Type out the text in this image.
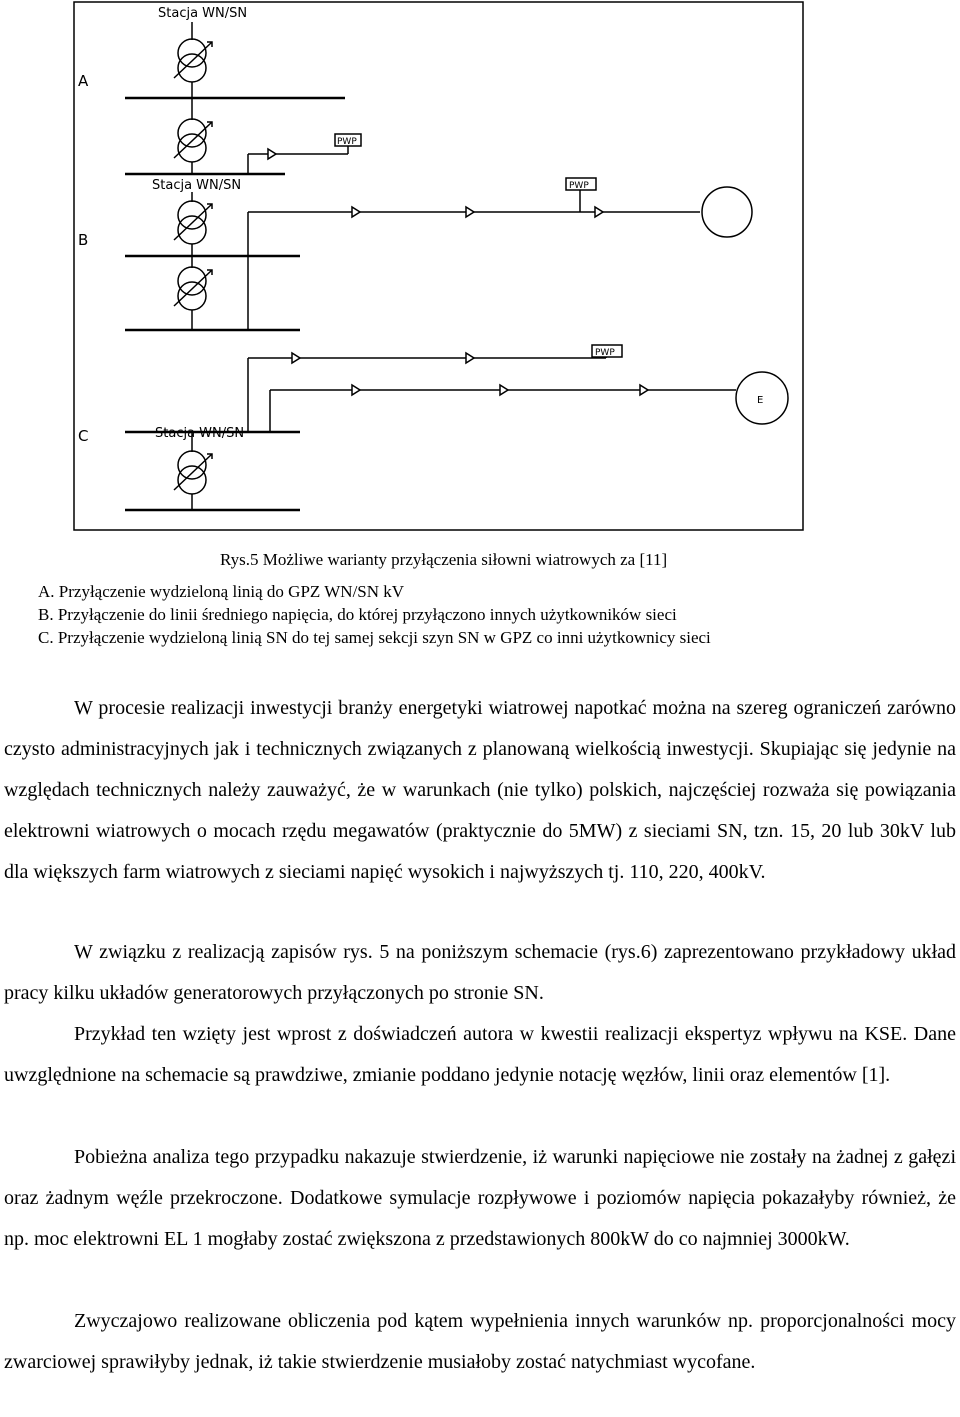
A
B
C
Stacja WN/SN
PWP
Stacja WN/SN	PWP
Stacja WN/SN
PWP
E
Rys.5 Możliwe warianty przyłączenia siłowni wiatrowych za [11]
A. Przyłączenie wydzieloną linią do GPZ WN/SN kV
B. Przyłączenie do linii średniego napięcia, do której przyłączono innych użytkowników sieci
C. Przyłączenie wydzieloną linią SN do tej samej sekcji szyn SN w GPZ co inni użytkownicy sieci
W procesie realizacji inwestycji branży energetyki wiatrowej napotkać można na szereg ograniczeń zarówno czysto administracyjnych jak i technicznych związanych z planowaną wielkością inwestycji. Skupiając się jedynie na względach technicznych należy zauważyć, że w warunkach (nie tylko) polskich, najczęściej rozważa się powiązania elektrowni wiatrowych o mocach rzędu megawatów (praktycznie do 5MW) z sieciami SN, tzn. 15, 20 lub 30kV lub dla większych farm wiatrowych z sieciami napięć wysokich i najwyższych tj. 110, 220, 400kV.
W związku z realizacją zapisów rys. 5 na poniższym schemacie (rys.6) zaprezentowano przykładowy układ pracy kilku układów generatorowych przyłączonych po stronie SN.
Przykład ten wzięty jest wprost z doświadczeń autora w kwestii realizacji ekspertyz wpływu na KSE. Dane uwzględnione na schemacie są prawdziwe, zmianie poddano jedynie notację węzłów, linii oraz elementów [1].
Pobieżna analiza tego przypadku nakazuje stwierdzenie, iż warunki napięciowe nie zostały na żadnej z gałęzi oraz żadnym węźle przekroczone. Dodatkowe symulacje rozpływowe i poziomów napięcia pokazałyby również, że np. moc elektrowni EL 1 mogłaby zostać zwiększona z przedstawionych 800kW do co najmniej 3000kW.
Zwyczajowo realizowane obliczenia pod kątem wypełnienia innych warunków np. proporcjonalności mocy zwarciowej sprawiłyby jednak, iż takie stwierdzenie musiałoby zostać natychmiast wycofane.
